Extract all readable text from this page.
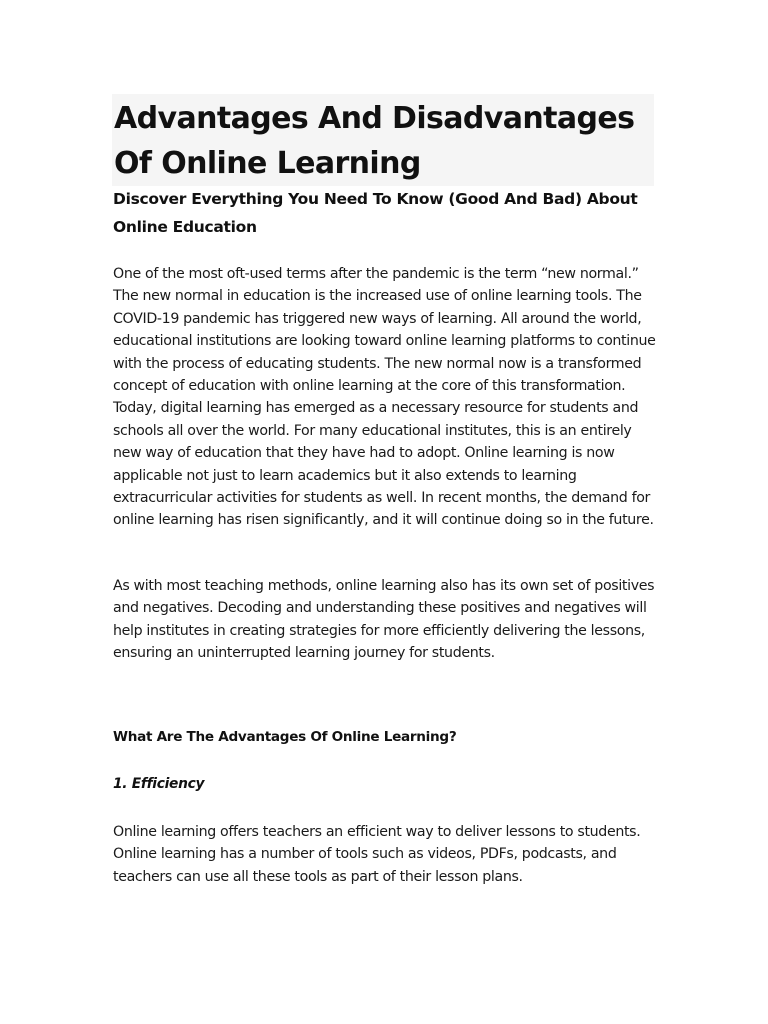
Advantages And Disadvantages Of Online Learning
Discover Everything You Need To Know (Good And Bad) About Online Education

One of the most oft-used terms after the pandemic is the term “new normal.” The new normal in education is the increased use of online learning tools. The COVID-19 pandemic has triggered new ways of learning. All around the world, educational institutions are looking toward online learning platforms to continue with the process of educating students. The new normal now is a transformed concept of education with online learning at the core of this transformation. Today, digital learning has emerged as a necessary resource for students and schools all over the world. For many educational institutes, this is an entirely new way of education that they have had to adopt. Online learning is now applicable not just to learn academics but it also extends to learning extracurricular activities for students as well. In recent months, the demand for online learning has risen significantly, and it will continue doing so in the future.

As with most teaching methods, online learning also has its own set of positives and negatives. Decoding and understanding these positives and negatives will help institutes in creating strategies for more efficiently delivering the lessons, ensuring an uninterrupted learning journey for students.

What Are The Advantages Of Online Learning?
1. Efficiency

Online learning offers teachers an efficient way to deliver lessons to students. Online learning has a number of tools such as videos, PDFs, podcasts, and teachers can use all these tools as part of their lesson plans.
